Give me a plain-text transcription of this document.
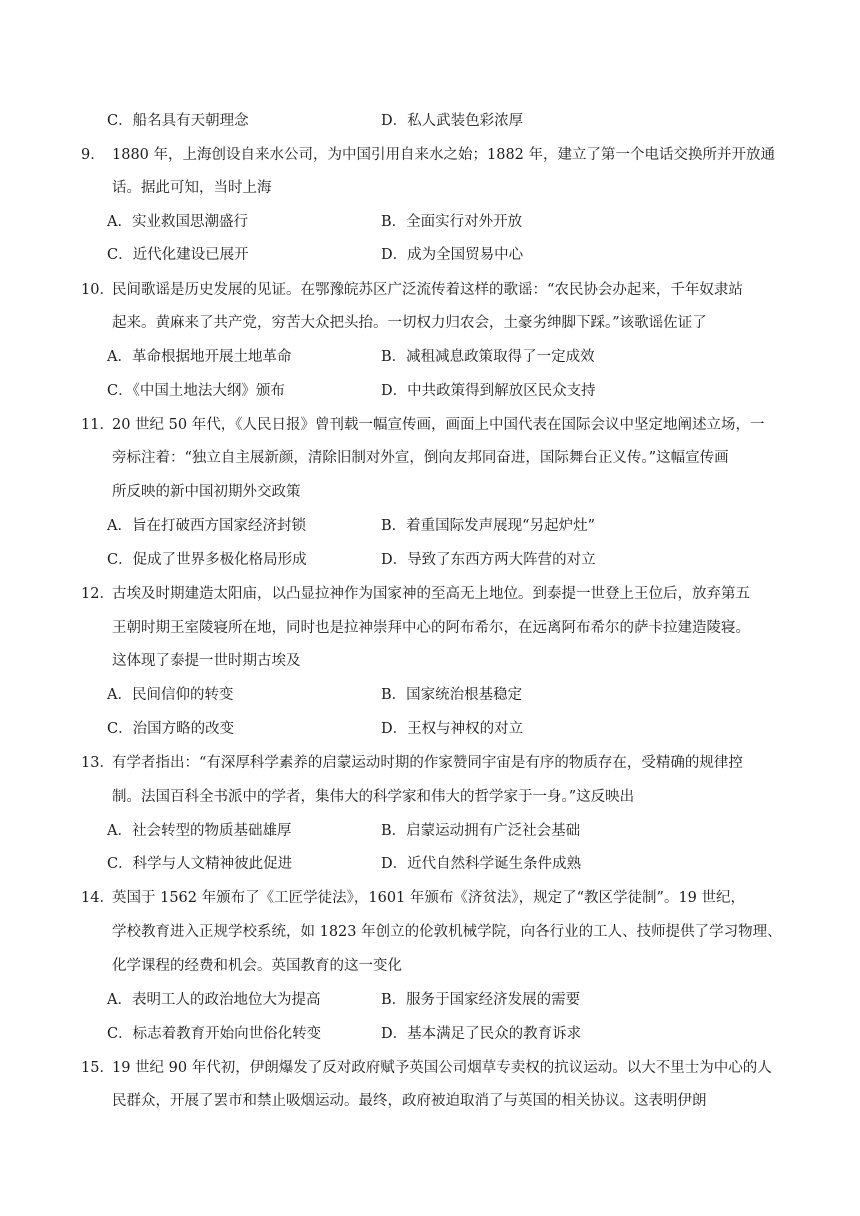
C．船名具有天朝理念	D．私人武装色彩浓厚
9． 1880 年，上海创设自来水公司，为中国引用自来水之始；1882 年，建立了第一个电话交换所并开放通
话。据此可知，当时上海
A．实业救国思潮盛行	B．全面实行对外开放
C．近代化建设已展开	D．成为全国贸易中心
10．
民间歌谣是历史发展的见证。在鄂豫皖苏区广泛流传着这样的歌谣：“农民协会办起来，千年奴隶站
起来。黄麻来了共产党，穷苦大众把头抬。一切权力归农会，土豪劣绅脚下踩。”该歌谣佐证了
A．革命根据地开展土地革命	B．减租减息政策取得了一定成效
C．《中国土地法大纲》颁布	D．中共政策得到解放区民众支持
11．
20 世纪 50 年代，《人民日报》曾刊载一幅宣传画，画面上中国代表在国际会议中坚定地阐述立场，一
旁标注着：“独立自主展新颜，清除旧制对外宣，倒向友邦同奋进，国际舞台正义传。”这幅宣传画
所反映的新中国初期外交政策
A．旨在打破西方国家经济封锁	B．着重国际发声展现“另起炉灶”
C．促成了世界多极化格局形成	D．导致了东西方两大阵营的对立
12．
古埃及时期建造太阳庙，以凸显拉神作为国家神的至高无上地位。到泰提一世登上王位后，放弃第五
王朝时期王室陵寝所在地，同时也是拉神崇拜中心的阿布希尔，在远离阿布希尔的萨卡拉建造陵寝。
这体现了泰提一世时期古埃及
A．民间信仰的转变	B．国家统治根基稳定
C．治国方略的改变	D．王权与神权的对立
13．
有学者指出：“有深厚科学素养的启蒙运动时期的作家赞同宇宙是有序的物质存在，受精确的规律控
制。法国百科全书派中的学者，集伟大的科学家和伟大的哲学家于一身。”这反映出
A．社会转型的物质基础雄厚	B．启蒙运动拥有广泛社会基础
C．科学与人文精神彼此促进	D．近代自然科学诞生条件成熟
14．
英国于 1562 年颁布了《工匠学徒法》，1601 年颁布《济贫法》，规定了“教区学徒制”。19 世纪，
学校教育进入正规学校系统，如 1823 年创立的伦敦机械学院，向各行业的工人、技师提供了学习物理、
化学课程的经费和机会。英国教育的这一变化
A．表明工人的政治地位大为提高	B．服务于国家经济发展的需要
C．标志着教育开始向世俗化转变	D．基本满足了民众的教育诉求
15．
19 世纪 90 年代初，伊朗爆发了反对政府赋予英国公司烟草专卖权的抗议运动。以大不里士为中心的人
民群众，开展了罢市和禁止吸烟运动。最终，政府被迫取消了与英国的相关协议。这表明伊朗
